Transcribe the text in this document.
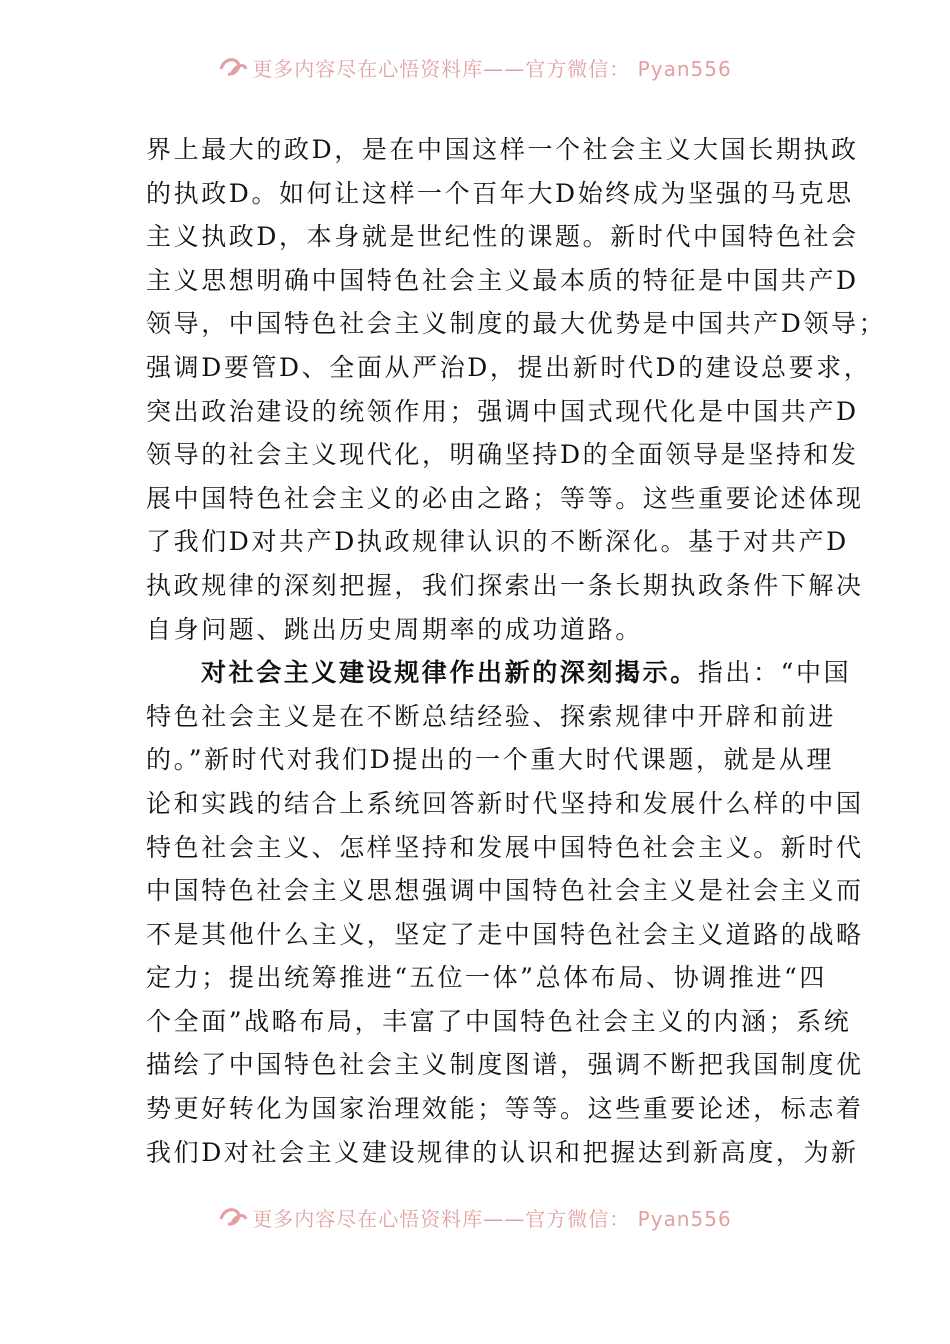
更多内容尽在心悟资料库——官方微信： Pyan556
界上最大的政D，是在中国这样一个社会主义大国长期执政
的执政D。如何让这样一个百年大D始终成为坚强的马克思
主义执政D，本身就是世纪性的课题。新时代中国特色社会
主义思想明确中国特色社会主义最本质的特征是中国共产D
领导，中国特色社会主义制度的最大优势是中国共产D领导；
强调D要管D、全面从严治D，提出新时代D的建设总要求，
突出政治建设的统领作用；强调中国式现代化是中国共产D
领导的社会主义现代化，明确坚持D的全面领导是坚持和发
展中国特色社会主义的必由之路；等等。这些重要论述体现
了我们D对共产D执政规律认识的不断深化。基于对共产D
执政规律的深刻把握，我们探索出一条长期执政条件下解决
自身问题、跳出历史周期率的成功道路。
对社会主义建设规律作出新的深刻揭示。指出：“中国
特色社会主义是在不断总结经验、探索规律中开辟和前进
的。”新时代对我们D提出的一个重大时代课题，就是从理
论和实践的结合上系统回答新时代坚持和发展什么样的中国
特色社会主义、怎样坚持和发展中国特色社会主义。新时代
中国特色社会主义思想强调中国特色社会主义是社会主义而
不是其他什么主义，坚定了走中国特色社会主义道路的战略
定力；提出统筹推进“五位一体”总体布局、协调推进“四
个全面”战略布局，丰富了中国特色社会主义的内涵；系统
描绘了中国特色社会主义制度图谱，强调不断把我国制度优
势更好转化为国家治理效能；等等。这些重要论述，标志着
我们D对社会主义建设规律的认识和把握达到新高度，为新
更多内容尽在心悟资料库——官方微信： Pyan556
